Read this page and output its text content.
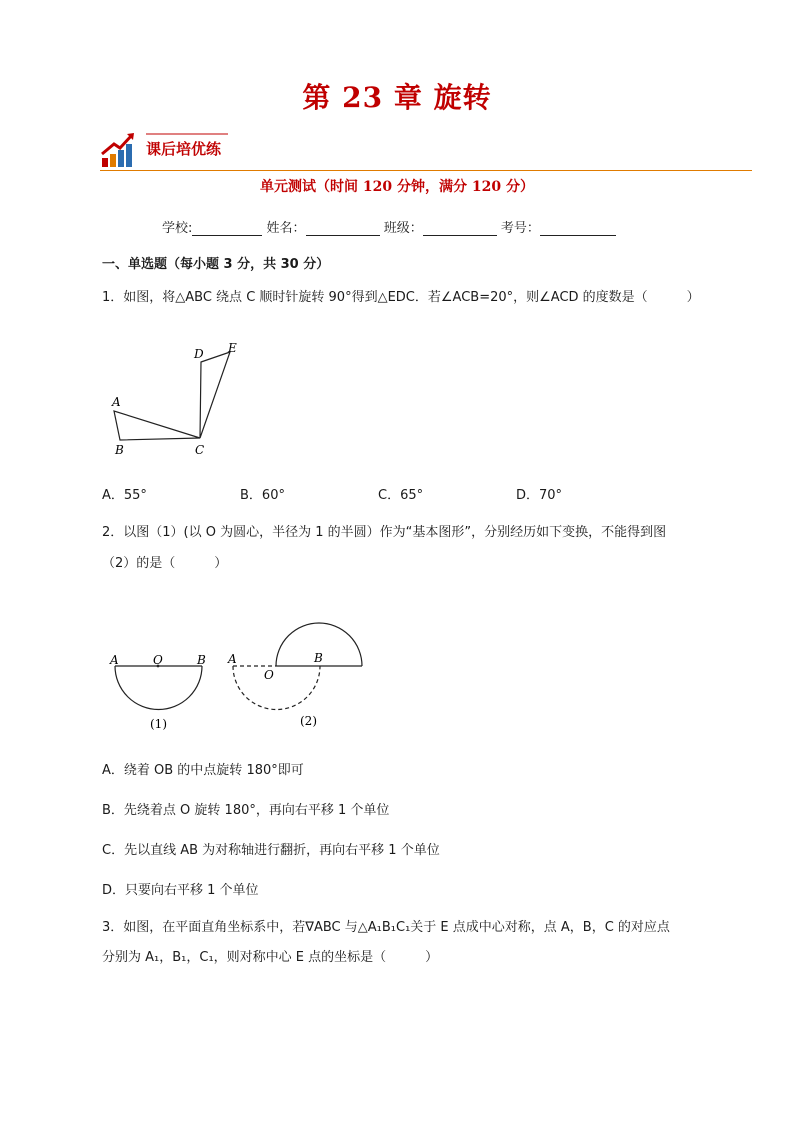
第 23 章 旋转
课后培优练
单元测试（时间 120 分钟，满分 120 分）
学校:	姓名：	班级：	考号：
一、单选题（每小题 3 分，共 30 分）
1．如图，将△ABC 绕点 C 顺时针旋转 90°得到△EDC．若∠ACB=20°，则∠ACD 的度数是（　　　）
A
B	C
D E
A．55°	B．60°	C．65°	D．70°
2．以图（1）(以 O 为圆心，半径为 1 的半圆）作为“基本图形”，分别经历如下变换，不能得到图
（2）的是（　　　）
A	O	B
(1)
A
O
B
(2)
A．绕着 OB 的中点旋转 180°即可
B．先绕着点 O 旋转 180°，再向右平移 1 个单位
C．先以直线 AB 为对称轴进行翻折，再向右平移 1 个单位
D．只要向右平移 1 个单位
3．如图，在平面直角坐标系中，若∇ABC 与△A₁B₁C₁关于 E 点成中心对称，点 A，B，C 的对应点
分别为 A₁，B₁，C₁，则对称中心 E 点的坐标是（　　　）
